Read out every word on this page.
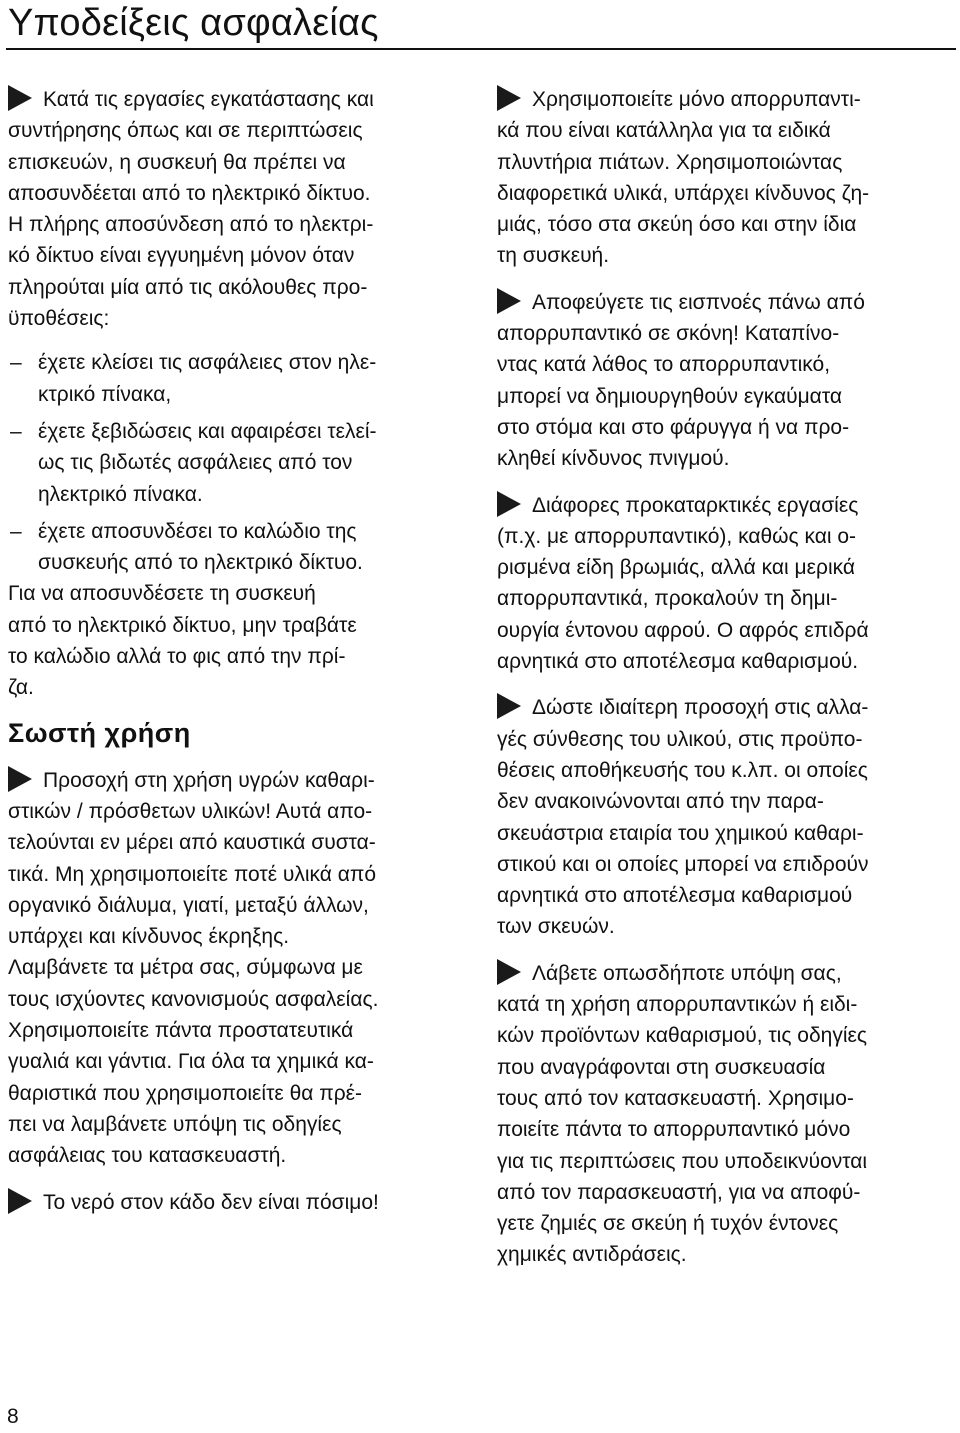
Υποδείξεις ασφαλείας

Κατά τις εργασίες εγκατάστασης και
συντήρησης όπως και σε περιπτώσεις
επισκευών, η συσκευή θα πρέπει να
αποσυνδέεται από το ηλεκτρικό δίκτυο.
Η πλήρης αποσύνδεση από το ηλεκτρι-
κό δίκτυο είναι εγγυημένη μόνον όταν
πληρούται μία από τις ακόλουθες προ-
ϋποθέσεις:

– έχετε κλείσει τις ασφάλειες στον ηλε-
κτρικό πίνακα,
– έχετε ξεβιδώσεις και αφαιρέσει τελεί-
ως τις βιδωτές ασφάλειες από τον
ηλεκτρικό πίνακα.
– έχετε αποσυνδέσει το καλώδιο της
συσκευής από το ηλεκτρικό δίκτυο.

Για να αποσυνδέσετε τη συσκευή
από το ηλεκτρικό δίκτυο, μην τραβάτε
το καλώδιο αλλά το φις από την πρί-
ζα.

Σωστή χρήση

Προσοχή στη χρήση υγρών καθαρι-
στικών / πρόσθετων υλικών! Αυτά απο-
τελούνται εν μέρει από καυστικά συστα-
τικά. Μη χρησιμοποιείτε ποτέ υλικά από
οργανικό διάλυμα, γιατί, μεταξύ άλλων,
υπάρχει και κίνδυνος έκρηξης.
Λαμβάνετε τα μέτρα σας, σύμφωνα με
τους ισχύοντες κανονισμούς ασφαλείας.
Χρησιμοποιείτε πάντα προστατευτικά
γυαλιά και γάντια. Για όλα τα χημικά κα-
θαριστικά που χρησιμοποιείτε θα πρέ-
πει να λαμβάνετε υπόψη τις οδηγίες
ασφάλειας του κατασκευαστή.

Το νερό στον κάδο δεν είναι πόσιμο!

Χρησιμοποιείτε μόνο απορρυπαντι-
κά που είναι κατάλληλα για τα ειδικά
πλυντήρια πιάτων. Χρησιμοποιώντας
διαφορετικά υλικά, υπάρχει κίνδυνος ζη-
μιάς, τόσο στα σκεύη όσο και στην ίδια
τη συσκευή.

Αποφεύγετε τις εισπνοές πάνω από
απορρυπαντικό σε σκόνη! Καταπίνο-
ντας κατά λάθος το απορρυπαντικό,
μπορεί να δημιουργηθούν εγκαύματα
στο στόμα και στο φάρυγγα ή να προ-
κληθεί κίνδυνος πνιγμού.

Διάφορες προκαταρκτικές εργασίες
(π.χ. με απορρυπαντικό), καθώς και ο-
ρισμένα είδη βρωμιάς, αλλά και μερικά
απορρυπαντικά, προκαλούν τη δημι-
ουργία έντονου αφρού. Ο αφρός επιδρά
αρνητικά στο αποτέλεσμα καθαρισμού.

Δώστε ιδιαίτερη προσοχή στις αλλα-
γές σύνθεσης του υλικού, στις προϋπο-
θέσεις αποθήκευσής του κ.λπ. οι οποίες
δεν ανακοινώνονται από την παρα-
σκευάστρια εταιρία του χημικού καθαρι-
στικού και οι οποίες μπορεί να επιδρούν
αρνητικά στο αποτέλεσμα καθαρισμού
των σκευών.

Λάβετε οπωσδήποτε υπόψη σας,
κατά τη χρήση απορρυπαντικών ή ειδι-
κών προϊόντων καθαρισμού, τις οδηγίες
που αναγράφονται στη συσκευασία
τους από τον κατασκευαστή. Χρησιμο-
ποιείτε πάντα το απορρυπαντικό μόνο
για τις περιπτώσεις που υποδεικνύονται
από τον παρασκευαστή, για να αποφύ-
γετε ζημιές σε σκεύη ή τυχόν έντονες
χημικές αντιδράσεις.

8
